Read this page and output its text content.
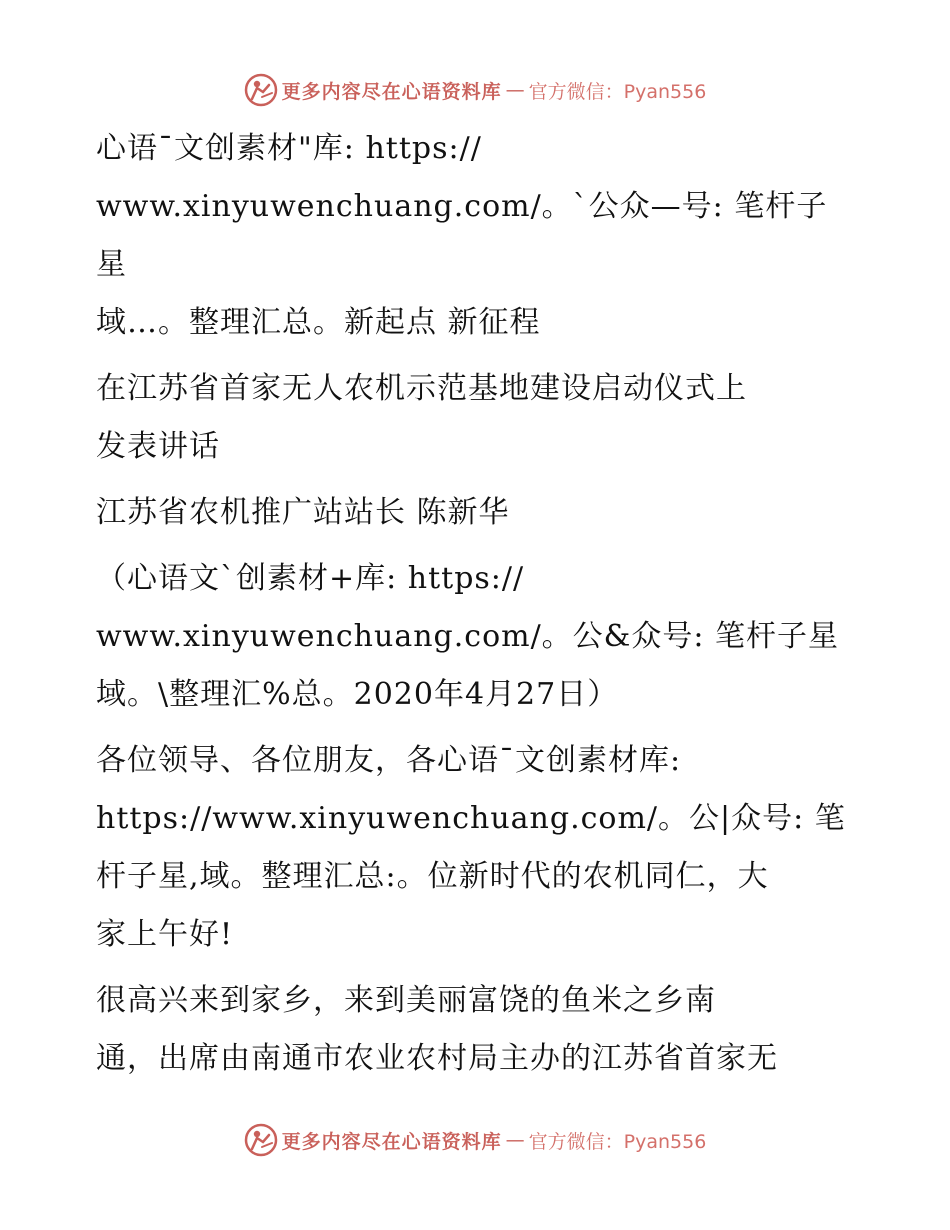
更多内容尽在心语资料库 — 官方微信：Pyan556
心语¯文创素材"库: https://
www.xinyuwenchuang.com/。`公众—号: 笔杆子星
域…。整理汇总。新起点 新征程
在江苏省首家无人农机示范基地建设启动仪式上
发表讲话
江苏省农机推广站站长 陈新华
（心语文`创素材+库: https://
www.xinyuwenchuang.com/。公&众号: 笔杆子星
域。\整理汇%总。2020年4月27日）
各位领导、各位朋友，各心语¯文创素材库:
https://www.xinyuwenchuang.com/。公|众号: 笔
杆子星,域。整理汇总:。位新时代的农机同仁，大
家上午好!
很高兴来到家乡，来到美丽富饶的鱼米之乡南
通，出席由南通市农业农村局主办的江苏省首家无
更多内容尽在心语资料库 — 官方微信：Pyan556
